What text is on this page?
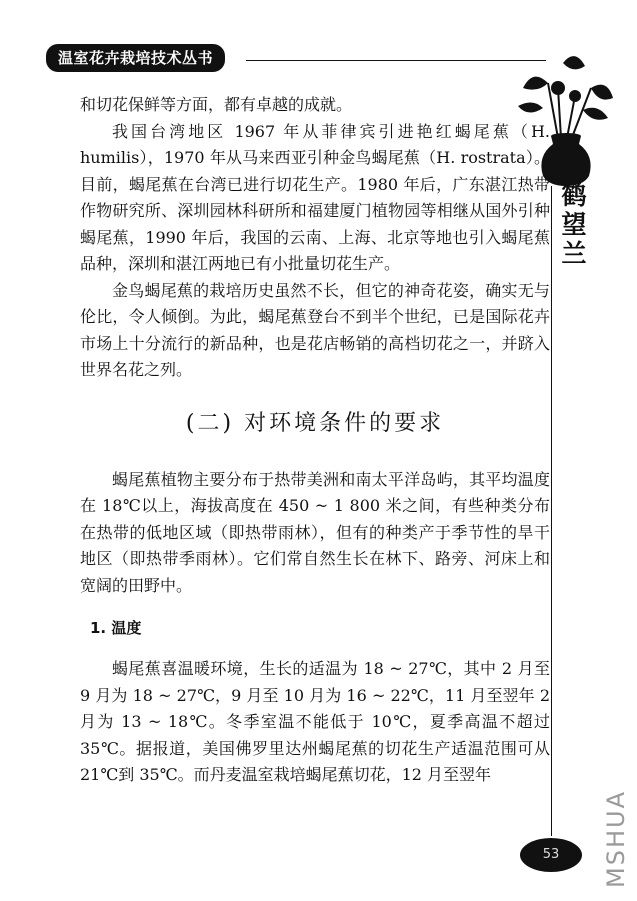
温室花卉栽培技术丛书
鹤望兰

和切花保鲜等方面，都有卓越的成就。

我国台湾地区 1967 年从菲律宾引进艳红蝎尾蕉（H. humilis），1970 年从马来西亚引种金鸟蝎尾蕉（H. rostrata）。目前，蝎尾蕉在台湾已进行切花生产。1980 年后，广东湛江热带作物研究所、深圳园林科研所和福建厦门植物园等相继从国外引种蝎尾蕉，1990 年后，我国的云南、上海、北京等地也引入蝎尾蕉品种，深圳和湛江两地已有小批量切花生产。

金鸟蝎尾蕉的栽培历史虽然不长，但它的神奇花姿，确实无与伦比，令人倾倒。为此，蝎尾蕉登台不到半个世纪，已是国际花卉市场上十分流行的新品种，也是花店畅销的高档切花之一，并跻入世界名花之列。

(二) 对环境条件的要求

蝎尾蕉植物主要分布于热带美洲和南太平洋岛屿，其平均温度在 18℃以上，海拔高度在 450 ~ 1 800 米之间，有些种类分布在热带的低地区域（即热带雨林），但有的种类产于季节性的旱干地区（即热带季雨林）。它们常自然生长在林下、路旁、河床上和宽阔的田野中。

1. 温度

蝎尾蕉喜温暖环境，生长的适温为 18 ~ 27℃，其中 2 月至 9 月为 18 ~ 27℃，9 月至 10 月为 16 ~ 22℃，11 月至翌年 2 月为 13 ~ 18℃。冬季室温不能低于 10℃，夏季高温不超过 35℃。据报道，美国佛罗里达州蝎尾蕉的切花生产适温范围可从 21℃到 35℃。而丹麦温室栽培蝎尾蕉切花，12 月至翌年

53	MSHUA
